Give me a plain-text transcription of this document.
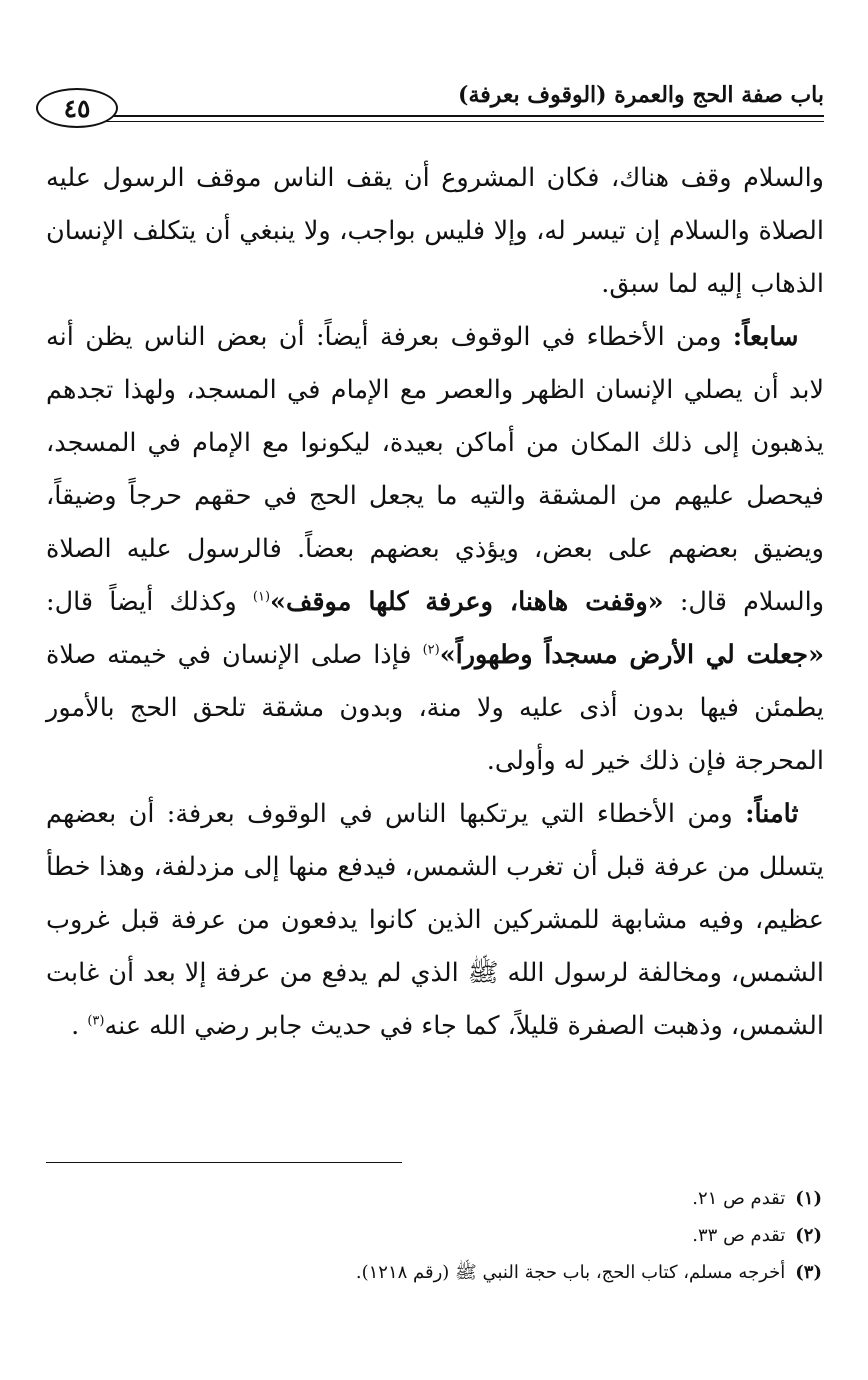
٤٥	باب صفة الحج والعمرة (الوقوف بعرفة)

والسلام وقف هناك، فكان المشروع أن يقف الناس موقف الرسول عليه الصلاة والسلام إن تيسر له، وإلا فليس بواجب، ولا ينبغي أن يتكلف الإنسان الذهاب إليه لما سبق.

 سابعاً: ومن الأخطاء في الوقوف بعرفة أيضاً: أن بعض الناس يظن أنه لابد أن يصلي الإنسان الظهر والعصر مع الإمام في المسجد، ولهذا تجدهم يذهبون إلى ذلك المكان من أماكن بعيدة، ليكونوا مع الإمام في المسجد، فيحصل عليهم من المشقة والتيه ما يجعل الحج في حقهم حرجاً وضيقاً، ويضيق بعضهم على بعض، ويؤذي بعضهم بعضاً. فالرسول عليه الصلاة والسلام قال: «وقفت هاهنا، وعرفة كلها موقف»$^{(١)}$ وكذلك أيضاً قال: «جعلت لي الأرض مسجداً وطهوراً»$^{(٢)}$ فإذا صلى الإنسان في خيمته صلاة يطمئن فيها بدون أذى عليه ولا منة، وبدون مشقة تلحق الحج بالأمور المحرجة فإن ذلك خير له وأولى.

 ثامناً: ومن الأخطاء التي يرتكبها الناس في الوقوف بعرفة: أن بعضهم يتسلل من عرفة قبل أن تغرب الشمس، فيدفع منها إلى مزدلفة، وهذا خطأ عظيم، وفيه مشابهة للمشركين الذين كانوا يدفعون من عرفة قبل غروب الشمس، ومخالفة لرسول الله ﷺ الذي لم يدفع من عرفة إلا بعد أن غابت الشمس، وذهبت الصفرة قليلاً، كما جاء في حديث جابر رضي الله عنه$^{(٣)}$ .

(١)تقدم ص ٢١.
(٢)تقدم ص ٣٣.
(٣)أخرجه مسلم، كتاب الحج، باب حجة النبي ﷺ (رقم ١٢١٨).
